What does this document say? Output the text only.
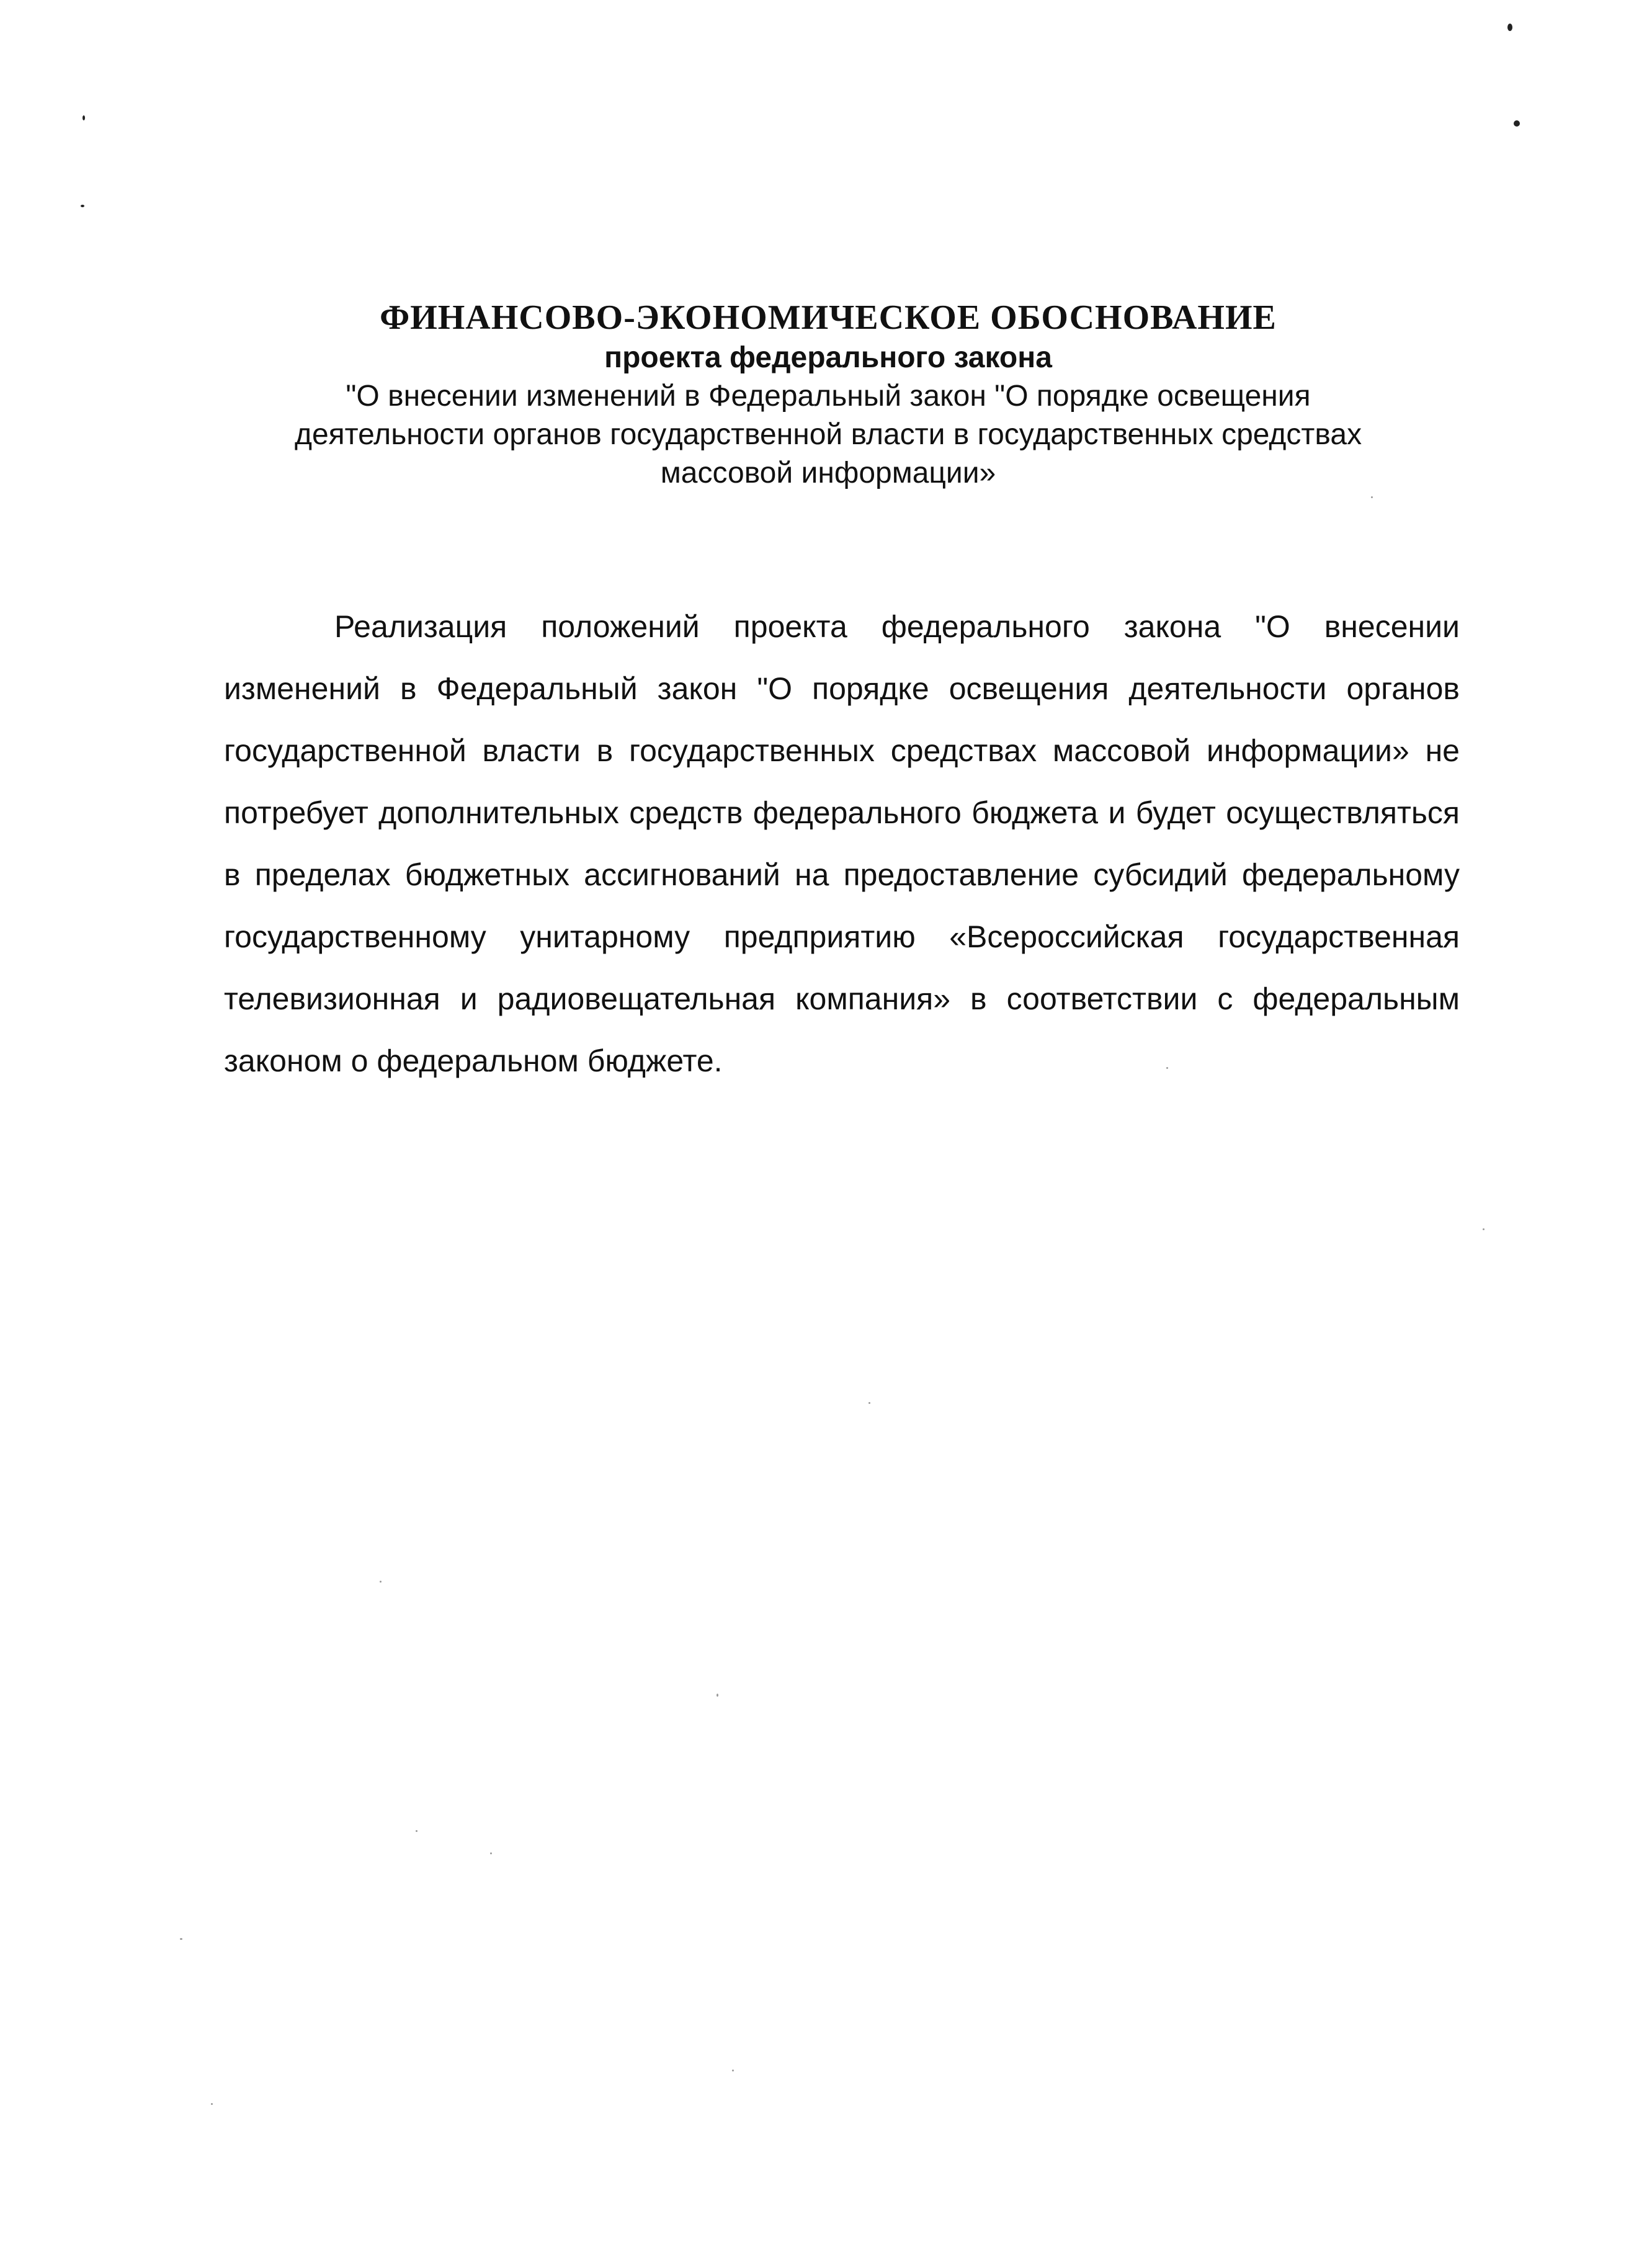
ФИНАНСОВО-ЭКОНОМИЧЕСКОЕ ОБОСНОВАНИЕ

проекта федерального закона

"О внесении изменений в Федеральный закон "О порядке освещения
деятельности органов государственной власти в государственных средствах
массовой информации»

Реализация положений проекта федерального закона "О внесении изменений в Федеральный закон "О порядке освещения деятельности органов государственной власти в государственных средствах массовой информации» не потребует дополнительных средств федерального бюджета и будет осуществляться в пределах бюджетных ассигнований на предоставление субсидий федеральному государственному унитарному предприятию «Всероссийская государственная телевизионная и радиовещательная компания» в соответствии с федеральным законом о федеральном бюджете.
